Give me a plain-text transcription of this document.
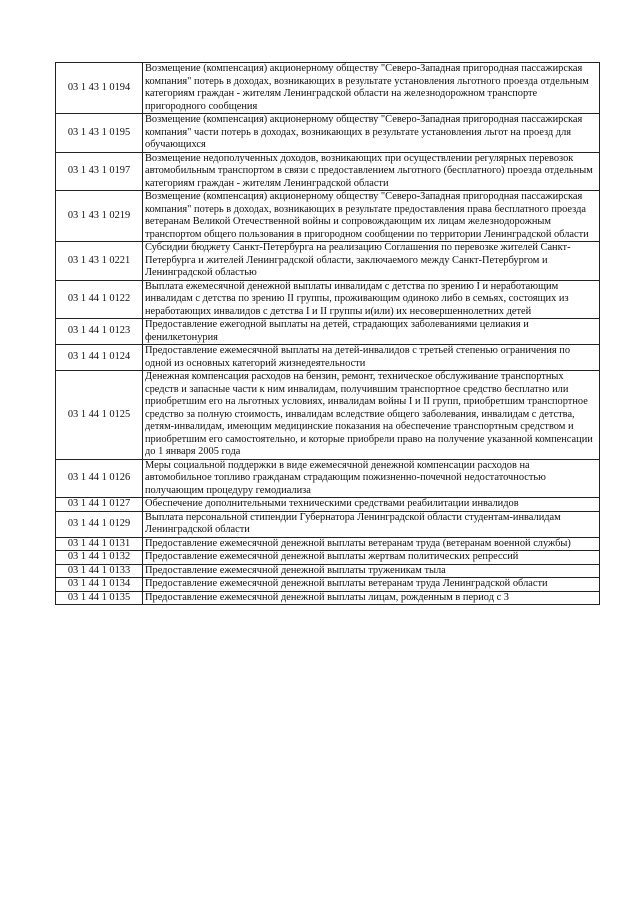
03 1 43 1 0194	Возмещение (компенсация) акционерному обществу "Северо-Западная пригородная пассажирская компания" потерь в доходах, возникающих в результате установления льготного проезда отдельным категориям граждан - жителям Ленинградской области на железнодорожном транспорте пригородного сообщения
03 1 43 1 0195	Возмещение (компенсация) акционерному обществу "Северо-Западная пригородная пассажирская компания" части потерь в доходах, возникающих в результате установления льгот на проезд для обучающихся
03 1 43 1 0197	Возмещение недополученных доходов, возникающих при осуществлении регулярных перевозок автомобильным транспортом в связи с предоставлением льготного (бесплатного) проезда отдельным категориям граждан - жителям Ленинградской области
03 1 43 1 0219	Возмещение (компенсация) акционерному обществу "Северо-Западная пригородная пассажирская компания" потерь в доходах, возникающих в результате предоставления права бесплатного проезда ветеранам Великой Отечественной войны и сопровождающим их лицам железнодорожным транспортом общего пользования в пригородном сообщении по территории Ленинградской области
03 1 43 1 0221	Субсидии бюджету Санкт-Петербурга на реализацию Соглашения по перевозке жителей Санкт-Петербурга и жителей Ленинградской области, заключаемого между Санкт-Петербургом и Ленинградской областью
03 1 44 1 0122	Выплата ежемесячной денежной выплаты инвалидам с детства по зрению I и неработающим инвалидам с детства по зрению II группы, проживающим одиноко либо в семьях, состоящих из неработающих инвалидов с детства I и II группы и(или) их несовершеннолетних детей
03 1 44 1 0123	Предоставление ежегодной выплаты на детей, страдающих заболеваниями целиакия и фенилкетонурия
03 1 44 1 0124	Предоставление ежемесячной выплаты на детей-инвалидов с третьей степенью ограничения по одной из основных категорий жизнедеятельности
03 1 44 1 0125	Денежная компенсация расходов на бензин, ремонт, техническое обслуживание транспортных средств и запасные части к ним инвалидам, получившим транспортное средство бесплатно или приобретшим его на льготных условиях, инвалидам войны I и II групп, приобретшим транспортное средство за полную стоимость, инвалидам вследствие общего заболевания, инвалидам с детства, детям-инвалидам, имеющим медицинские показания на обеспечение транспортным средством и приобретшим его самостоятельно, и которые приобрели право на получение указанной компенсации до 1 января 2005 года
03 1 44 1 0126	Меры социальной поддержки в виде ежемесячной денежной компенсации расходов на автомобильное топливо гражданам страдающим пожизненно-почечной недостаточностью получающим процедуру гемодиализа
03 1 44 1 0127	Обеспечение дополнительными техническими средствами реабилитации инвалидов
03 1 44 1 0129	Выплата персональной стипендии Губернатора Ленинградской области студентам-инвалидам Ленинградской области
03 1 44 1 0131	Предоставление ежемесячной денежной выплаты ветеранам труда (ветеранам военной службы)
03 1 44 1 0132	Предоставление ежемесячной денежной выплаты жертвам политических репрессий
03 1 44 1 0133	Предоставление ежемесячной денежной выплаты труженикам тыла
03 1 44 1 0134	Предоставление ежемесячной денежной выплаты ветеранам труда Ленинградской области
03 1 44 1 0135	Предоставление ежемесячной денежной выплаты лицам, рожденным в период с 3
